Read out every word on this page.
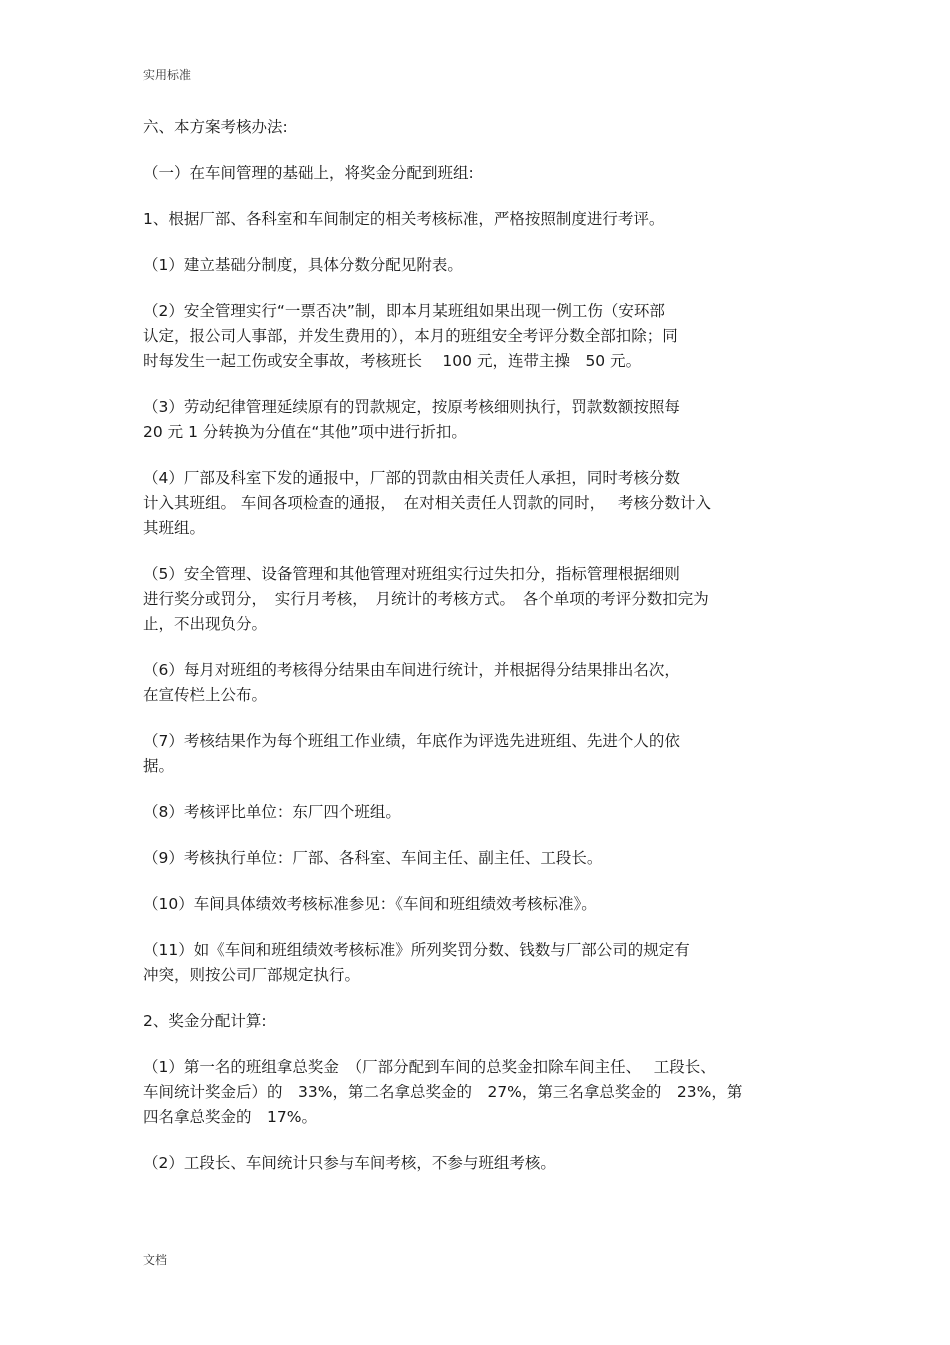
实用标准
六、本方案考核办法:
（一）在车间管理的基础上，将奖金分配到班组:
1、根据厂部、各科室和车间制定的相关考核标准，严格按照制度进行考评。
（1）建立基础分制度，具体分数分配见附表。
（2）安全管理实行“一票否决”制，即本月某班组如果出现一例工伤（安环部
认定，报公司人事部，并发生费用的），本月的班组安全考评分数全部扣除；同
时每发生一起工伤或安全事故，考核班长　 100 元，连带主操　50 元。
（3）劳动纪律管理延续原有的罚款规定，按原考核细则执行，罚款数额按照每
20 元 1 分转换为分值在“其他”项中进行折扣。
（4）厂部及科室下发的通报中，厂部的罚款由相关责任人承担，同时考核分数
计入其班组。 车间各项检查的通报，　在对相关责任人罚款的同时，　 考核分数计入
其班组。
（5）安全管理、设备管理和其他管理对班组实行过失扣分，指标管理根据细则
进行奖分或罚分，　实行月考核，　月统计的考核方式。　各个单项的考评分数扣完为
止，不出现负分。
（6）每月对班组的考核得分结果由车间进行统计，并根据得分结果排出名次，
在宣传栏上公布。
（7）考核结果作为每个班组工作业绩，年底作为评选先进班组、先进个人的依
据。
（8）考核评比单位：东厂四个班组。
（9）考核执行单位：厂部、各科室、车间主任、副主任、工段长。
（10）车间具体绩效考核标准参见：《车间和班组绩效考核标准》。
（11）如《车间和班组绩效考核标准》所列奖罚分数、钱数与厂部公司的规定有
冲突，则按公司厂部规定执行。
2、奖金分配计算:
（1）第一名的班组拿总奖金　（厂部分配到车间的总奖金扣除车间主任、　 工段长、
车间统计奖金后）的　33%，第二名拿总奖金的　27%，第三名拿总奖金的　23%，第
四名拿总奖金的　17%。
（2）工段长、车间统计只参与车间考核，不参与班组考核。
文档
